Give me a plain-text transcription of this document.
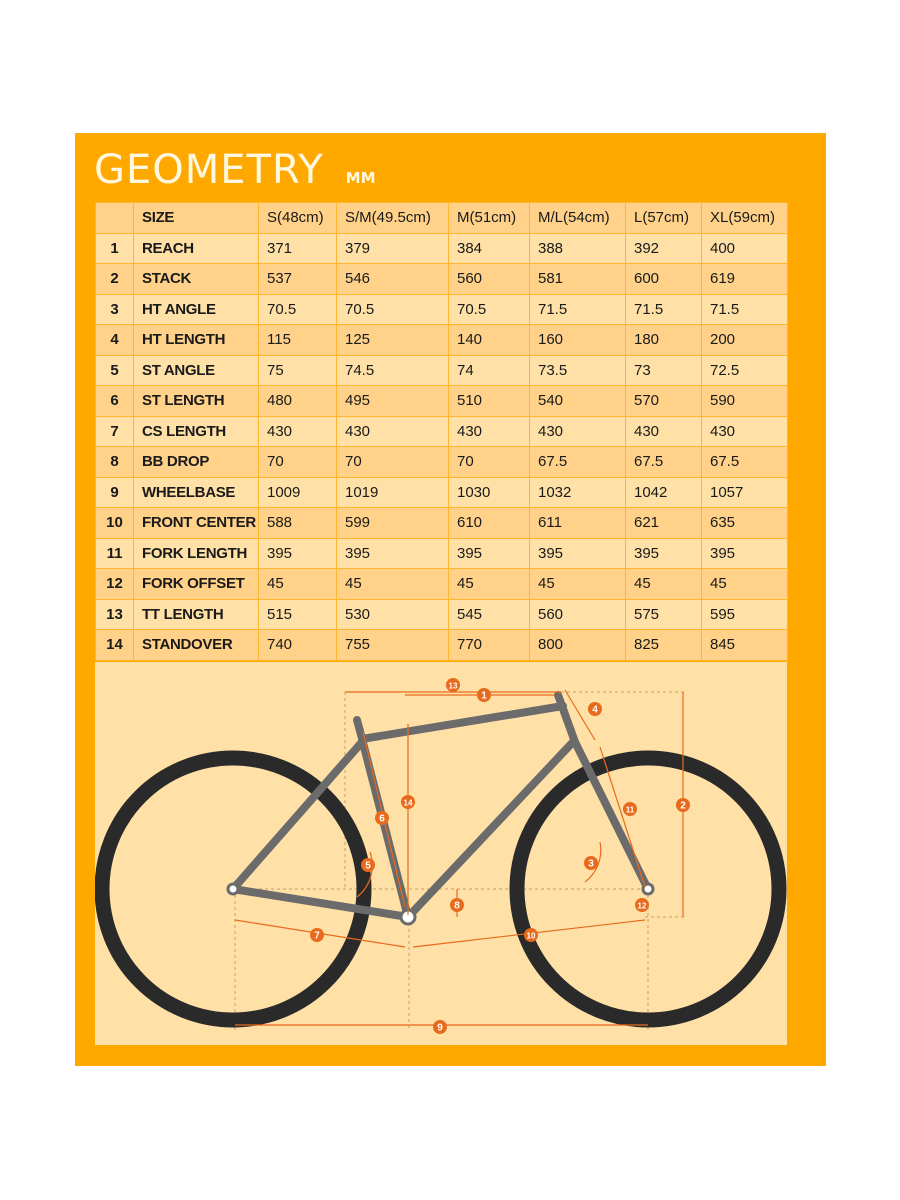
GEOMETRY MM
	SIZE	S(48cm)	S/M(49.5cm)	M(51cm)	M/L(54cm)	L(57cm)	XL(59cm)
1	REACH	371	379	384	388	392	400
2	STACK	537	546	560	581	600	619
3	HT ANGLE	70.5	70.5	70.5	71.5	71.5	71.5
4	HT LENGTH	115	125	140	160	180	200
5	ST ANGLE	75	74.5	74	73.5	73	72.5
6	ST LENGTH	480	495	510	540	570	590
7	CS LENGTH	430	430	430	430	430	430
8	BB DROP	70	70	70	67.5	67.5	67.5
9	WHEELBASE	1009	1019	1030	1032	1042	1057
10	FRONT CENTER	588	599	610	611	621	635
11	FORK LENGTH	395	395	395	395	395	395
12	FORK OFFSET	45	45	45	45	45	45
13	TT LENGTH	515	530	545	560	575	595
14	STANDOVER	740	755	770	800	825	845
1
2
3
4
5
6
7
8
9
10
11
12
13
14
